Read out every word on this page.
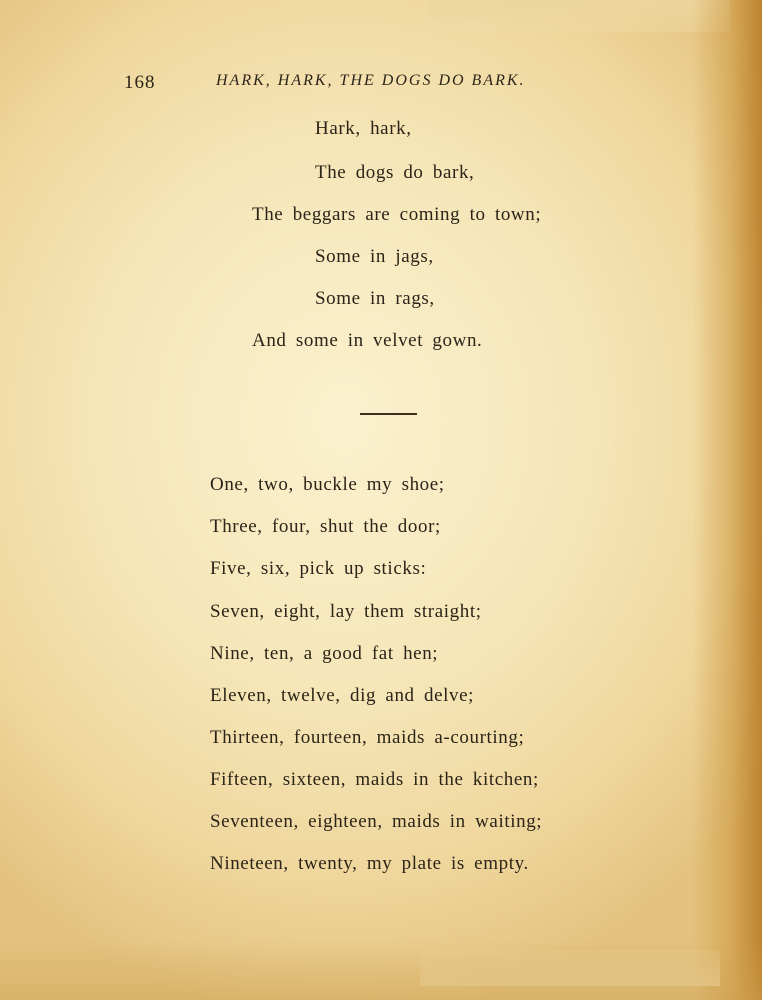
168	HARK, HARK, THE DOGS DO BARK.
Hark, hark,
The dogs do bark,
The beggars are coming to town;
Some in jags,
Some in rags,
And some in velvet gown.
One, two, buckle my shoe;
Three, four, shut the door;
Five, six, pick up sticks:
Seven, eight, lay them straight;
Nine, ten, a good fat hen;
Eleven, twelve, dig and delve;
Thirteen, fourteen, maids a-courting;
Fifteen, sixteen, maids in the kitchen;
Seventeen, eighteen, maids in waiting;
Nineteen, twenty, my plate is empty.
